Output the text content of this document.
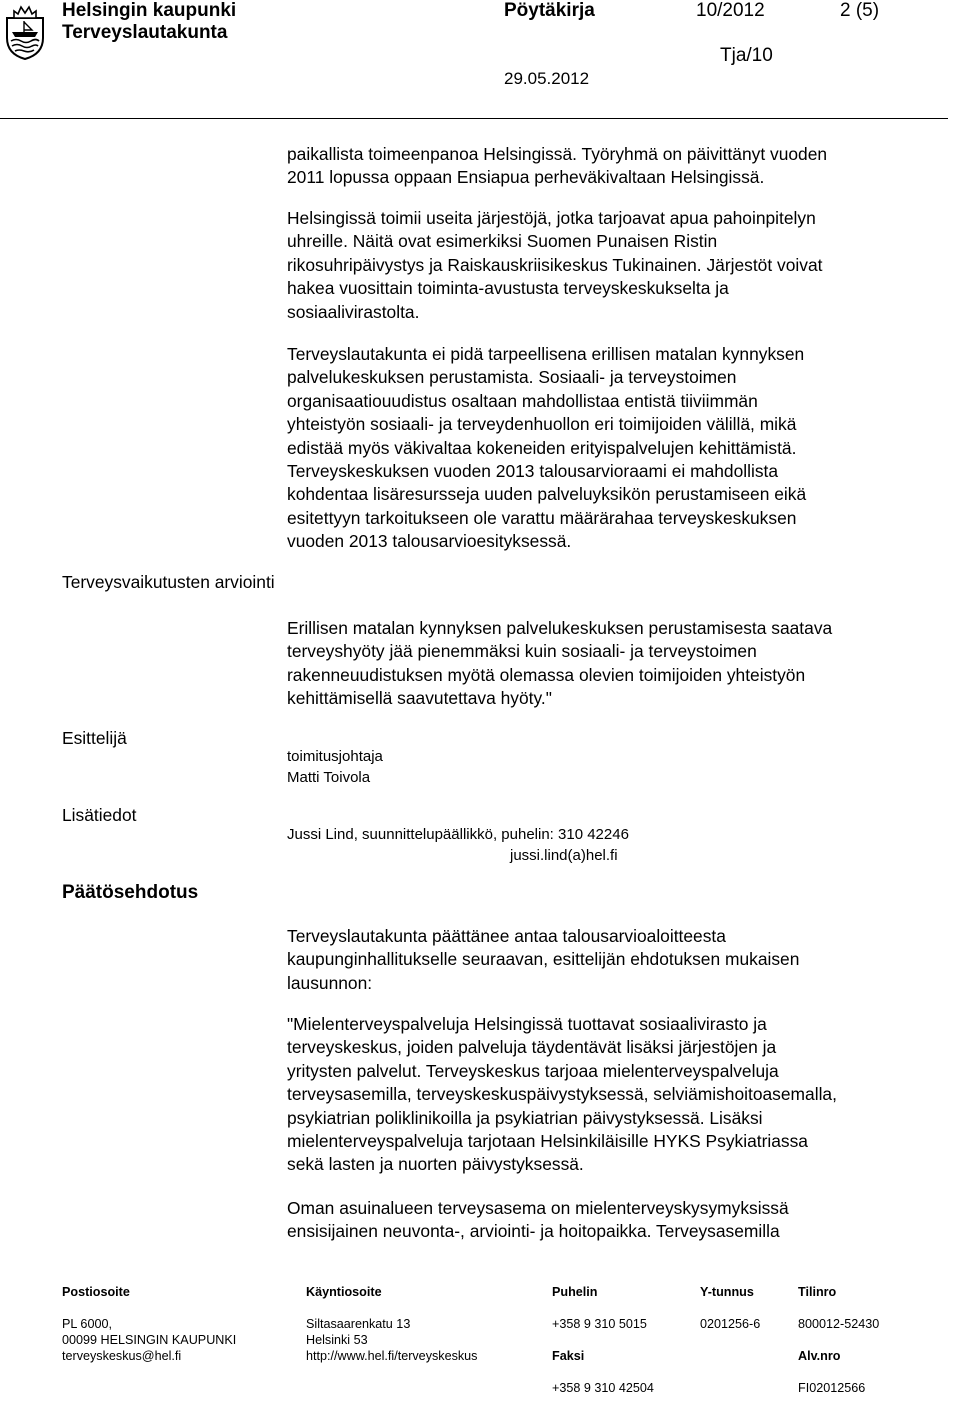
Helsingin kaupunki
Terveyslautakunta
Pöytäkirja	10/2012	2 (5)
Tja/10
29.05.2012
Terveysvaikutusten arviointi
Esittelijä
Lisätiedot
Päätösehdotus

paikallista toimeenpanoa Helsingissä. Työryhmä on päivittänyt vuoden
2011 lopussa oppaan Ensiapua perheväkivaltaan Helsingissä.

Helsingissä toimii useita järjestöjä, jotka tarjoavat apua pahoinpitelyn
uhreille. Näitä ovat esimerkiksi Suomen Punaisen Ristin
rikosuhripäivystys ja Raiskauskriisikeskus Tukinainen. Järjestöt voivat
hakea vuosittain toiminta-avustusta terveyskeskukselta ja
sosiaalivirastolta.

Terveyslautakunta ei pidä tarpeellisena erillisen matalan kynnyksen
palvelukeskuksen perustamista. Sosiaali- ja terveystoimen
organisaatiouudistus osaltaan mahdollistaa entistä tiiviimmän
yhteistyön sosiaali- ja terveydenhuollon eri toimijoiden välillä, mikä
edistää myös väkivaltaa kokeneiden erityispalvelujen kehittämistä.
Terveyskeskuksen vuoden 2013 talousarvioraami ei mahdollista
kohdentaa lisäresursseja uuden palveluyksikön perustamiseen eikä
esitettyyn tarkoitukseen ole varattu määrärahaa terveyskeskuksen
vuoden 2013 talousarvioesityksessä.

Erillisen matalan kynnyksen palvelukeskuksen perustamisesta saatava
terveyshyöty jää pienemmäksi kuin sosiaali- ja terveystoimen
rakenneuudistuksen myötä olemassa olevien toimijoiden yhteistyön
kehittämisellä saavutettava hyöty."

toimitusjohtaja
Matti Toivola
Jussi Lind, suunnittelupäällikkö, puhelin: 310 42246
jussi.lind(a)hel.fi

Terveyslautakunta päättänee antaa talousarvioaloitteesta
kaupunginhallitukselle seuraavan, esittelijän ehdotuksen mukaisen
lausunnon:

"Mielenterveyspalveluja Helsingissä tuottavat sosiaalivirasto ja
terveyskeskus, joiden palveluja täydentävät lisäksi järjestöjen ja
yritysten palvelut. Terveyskeskus tarjoaa mielenterveyspalveluja
terveysasemilla, terveyskeskuspäivystyksessä, selviämishoitoasemalla,
psykiatrian poliklinikoilla ja psykiatrian päivystyksessä. Lisäksi
mielenterveyspalveluja tarjotaan Helsinkiläisille HYKS Psykiatriassa
sekä lasten ja nuorten päivystyksessä.

Oman asuinalueen terveysasema on mielenterveyskysymyksissä
ensisijainen neuvonta-, arviointi- ja hoitopaikka. Terveysasemilla

Postiosoite

PL 6000,
00099 HELSINGIN KAUPUNKI
terveyskeskus@hel.fi

Käyntiosoite

Siltasaarenkatu 13
Helsinki 53
http://www.hel.fi/terveyskeskus

Puhelin

+358 9 310 5015

Faksi

+358 9 310 42504

Y-tunnus

0201256-6

Tilinro

800012-52430

Alv.nro

FI02012566
